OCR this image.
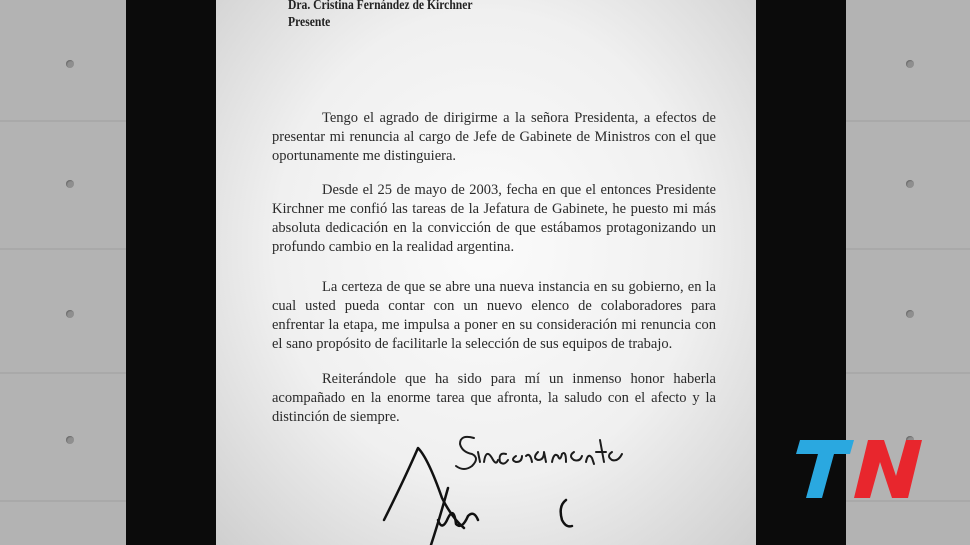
Dra. Cristina Fernández de Kirchner
Presente
Tengo el agrado de dirigirme a la señora Presidenta, a efectos de presentar mi renuncia al cargo de Jefe de Gabinete de Ministros con el que oportunamente me distinguiera.
Desde el 25 de mayo de 2003, fecha en que el entonces Presidente Kirchner me confió las tareas de la Jefatura de Gabinete, he puesto mi más absoluta dedicación en la convicción de que estábamos protagonizando un profundo cambio en la realidad argentina.
La certeza de que se abre una nueva instancia en su gobierno, en la cual usted pueda contar con un nuevo elenco de colaboradores para enfrentar la etapa, me impulsa a poner en su consideración mi renuncia con el sano propósito de facilitarle la selección de sus equipos de trabajo.
Reiterándole que ha sido para mí un inmenso honor haberla acompañado en la enorme tarea que afronta, la saludo con el afecto y la distinción de siempre.
